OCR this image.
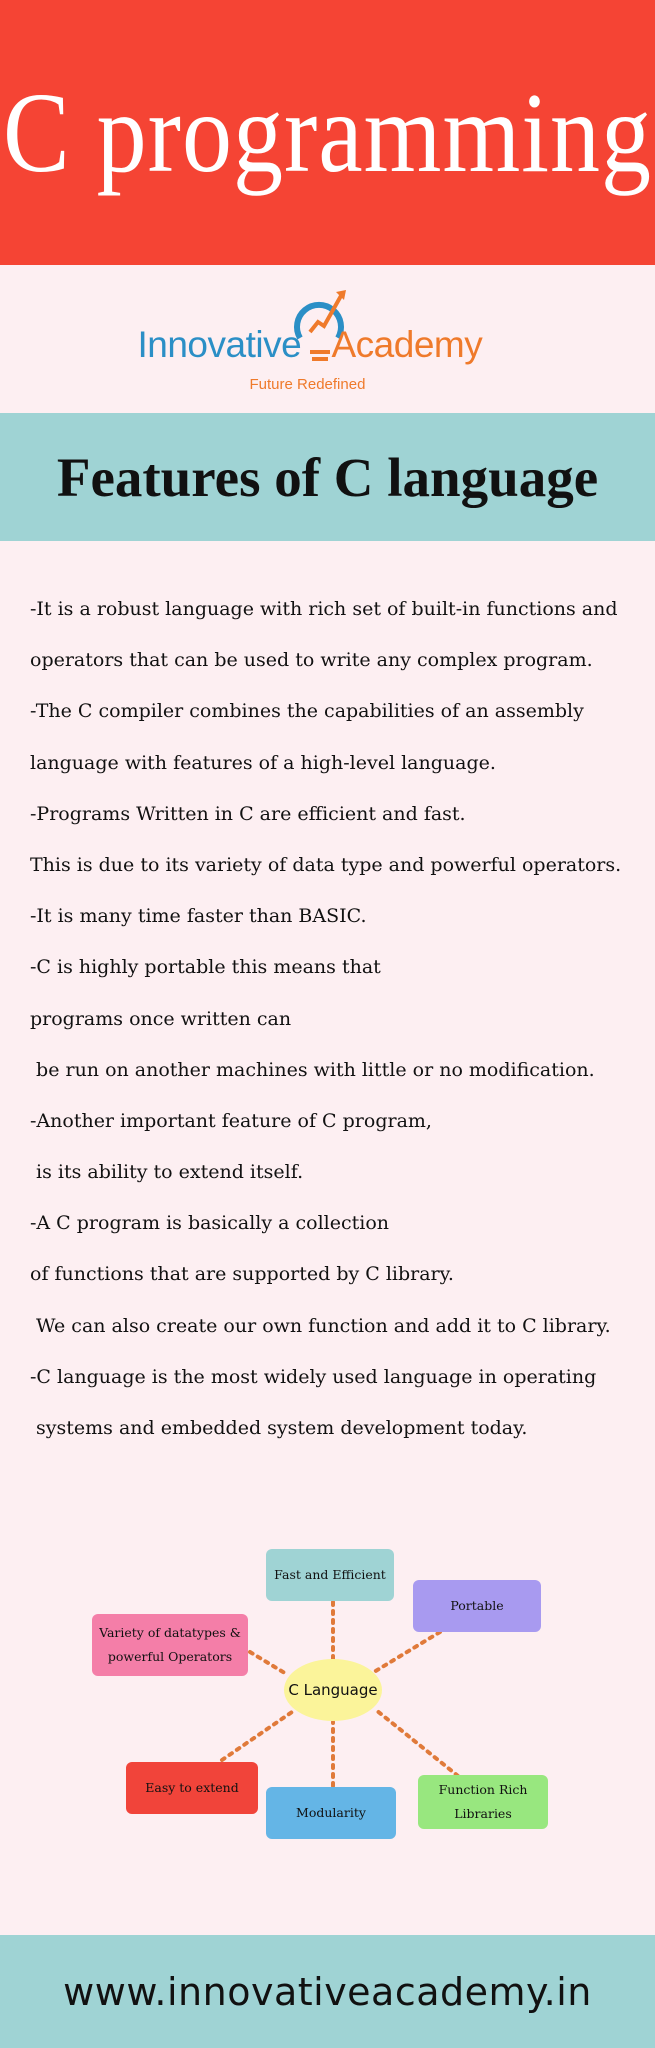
C programming
Innovative Academy
Future Redefined
Features of C language

-It is a robust language with rich set of built-in functions and

operators that can be used to write any complex program.

-The C compiler combines the capabilities of an assembly

language with features of a high-level language.

-Programs Written in C are efficient and fast.

This is due to its variety of data type and powerful operators.

-It is many time faster than BASIC.

-C is highly portable this means that

programs once written can

be run on another machines with little or no modification.

-Another important feature of C program,

is its ability to extend itself.

-A C program is basically a collection

of functions that are supported by C library.

We can also create our own function and add it to C library.

-C language is the most widely used language in operating

systems and embedded system development today.

Fast and Efficient
Portable
Variety of datatypes &
powerful Operators
C Language
Easy to extend
Modularity
Function Rich
Libraries
www.innovativeacademy.in
